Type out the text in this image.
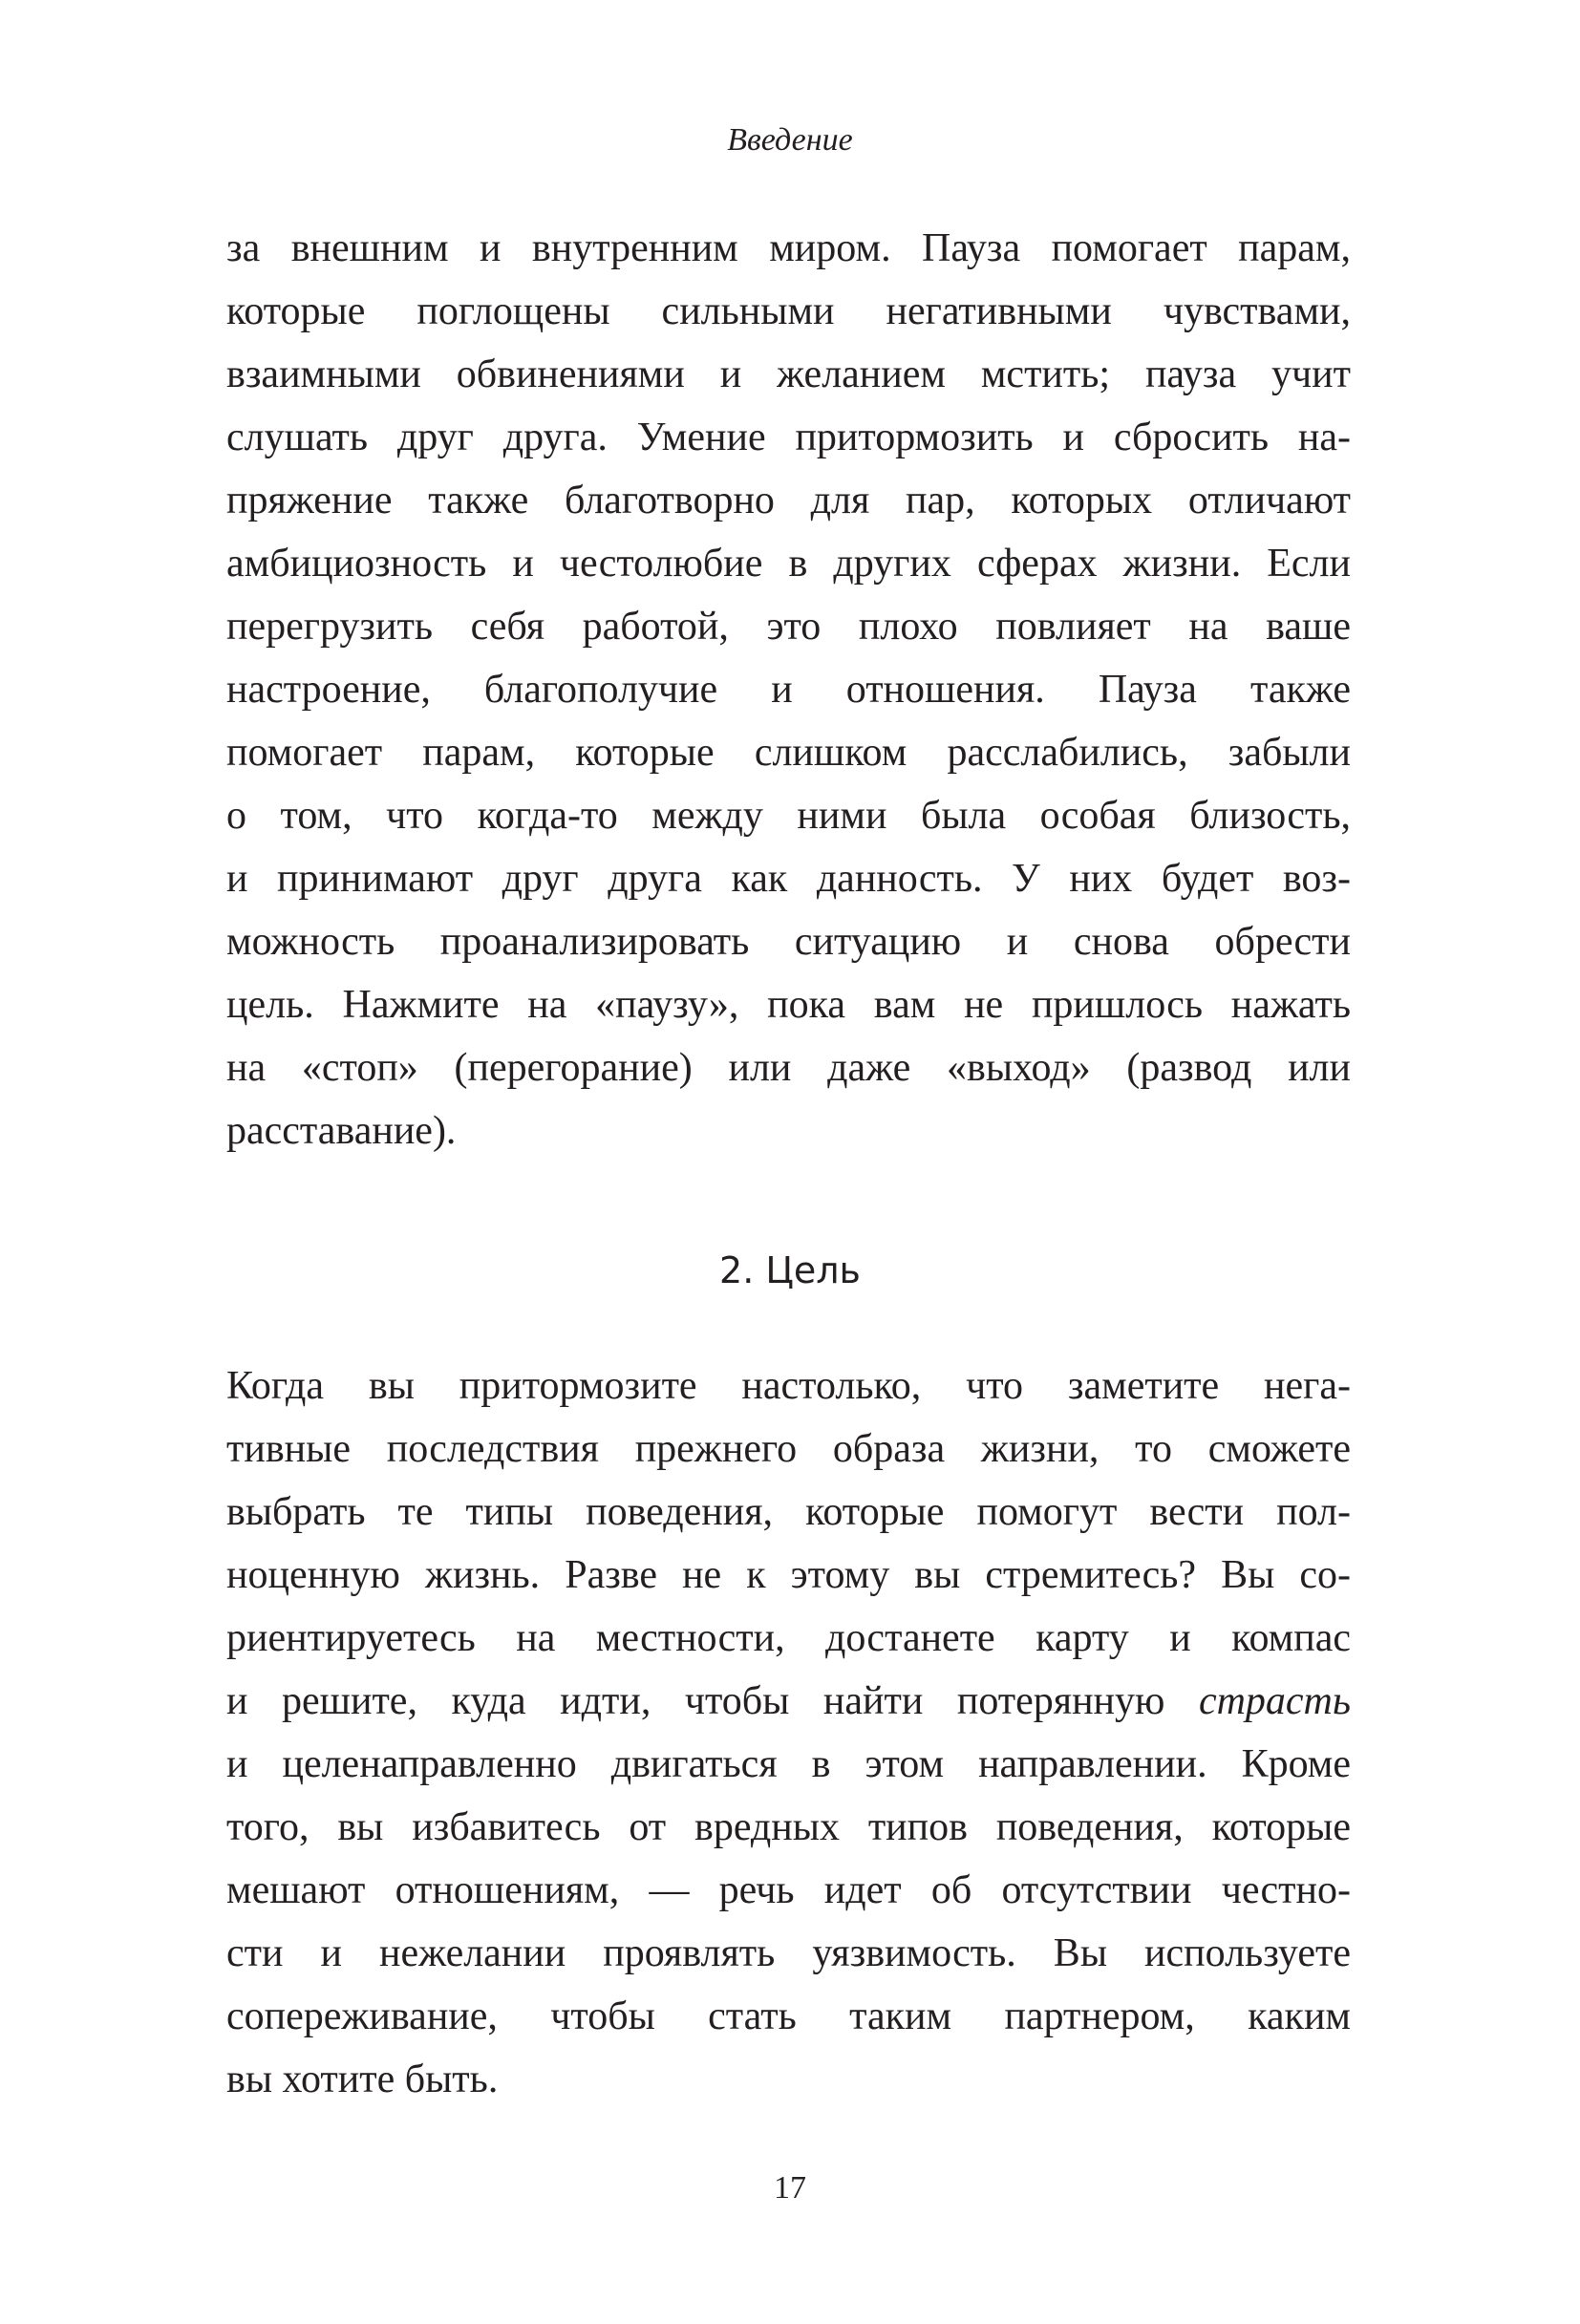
Введение
за внешним и внутренним миром. Пауза помогает парам,
которые поглощены сильными негативными чувствами,
взаимными обвинениями и желанием мстить; пауза учит
слушать друг друга. Умение притормозить и сбросить на-
пряжение также благотворно для пар, которых отличают
амбициозность и честолюбие в других сферах жизни. Если
перегрузить себя работой, это плохо повлияет на ваше
настроение, благополучие и отношения. Пауза также
помогает парам, которые слишком расслабились, забыли
о том, что когда-то между ними была особая близость,
и принимают друг друга как данность. У них будет воз-
можность проанализировать ситуацию и снова обрести
цель. Нажмите на «паузу», пока вам не пришлось нажать
на «стоп» (перегорание) или даже «выход» (развод или
расставание).
2. Цель
Когда вы притормозите настолько, что заметите нега-
тивные последствия прежнего образа жизни, то сможете
выбрать те типы поведения, которые помогут вести пол-
ноценную жизнь. Разве не к этому вы стремитесь? Вы со-
риентируетесь на местности, достанете карту и компас
и решите, куда идти, чтобы найти потерянную страсть
и целенаправленно двигаться в этом направлении. Кроме
того, вы избавитесь от вредных типов поведения, которые
мешают отношениям, — речь идет об отсутствии честно-
сти и нежелании проявлять уязвимость. Вы используете
сопереживание, чтобы стать таким партнером, каким
вы хотите быть.
17
